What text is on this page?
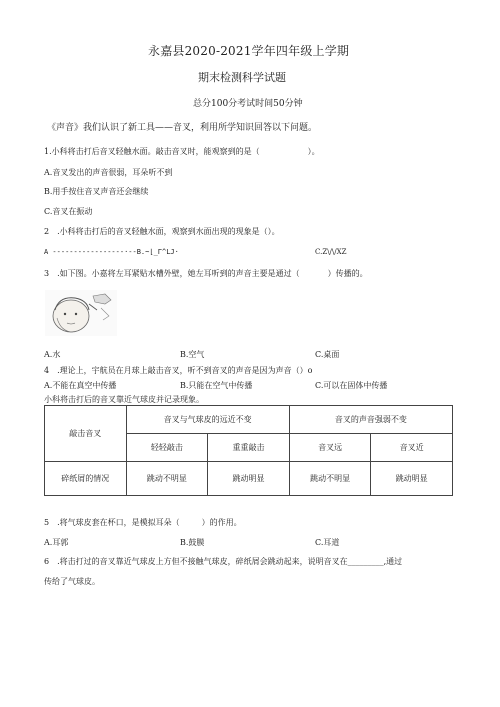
永嘉县2020-2021学年四年级上学期
期末检测科学试题
总分100分考试时间50分钟
《声音》我们认识了新工具——音叉，利用所学知识回答以下问题。
1.小科将击打后音叉轻触水面。敲击音叉时，能观察到的是（	）。
A.音叉发出的声音很弱，耳朵听不到
B.用手按住音叉声音还会继续
C.音叉在振动
2　.小科将击打后的音叉轻触水面，观察到水面出现的现象是（）。
A -----------------·--B.~⌊_Γ^LJ·	C.Z\/\/XZ
3　.如下图。小嘉将左耳紧贴水槽外壁，她左耳听到的声音主要是通过（	）传播的。
A.水	B.空气	C.桌面
4　.理论上，宇航员在月球上敲击音叉，听不到音叉的声音是因为声音（）o
A.不能在真空中传播	B.只能在空气中传播	C.可以在固体中传播
小科将击打后的音叉靠近气球皮并记录现象。
敲击音叉	音叉与气球皮的远近不变		音叉的声音强弱不变	
	轻轻敲击	重重敲击	音叉远	音叉近
碎纸屑的情况	跳动不明显	跳动明显	跳动不明显	跳动明显
5　.将气球皮套在杯口，是模拟耳朵（	）的作用。
A.耳郭	B.鼓膜	C.耳道
6　.将击打过的音叉靠近气球皮上方但不接触气球皮，碎纸屑会跳动起来，说明音叉在_________,通过
传给了气球皮。
